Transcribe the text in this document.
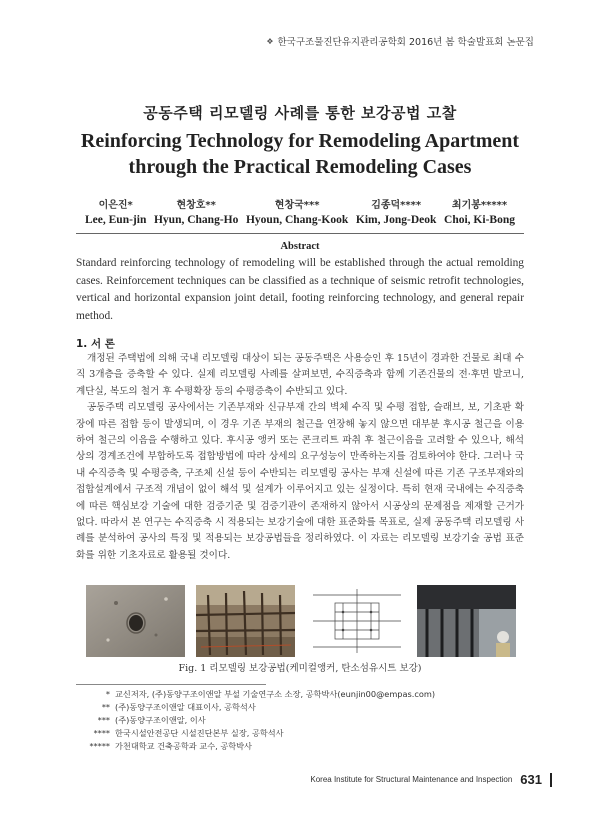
❖ 한국구조물진단유지관리공학회 2016년 봄 학술발표회 논문집
공동주택 리모델링 사례를 통한 보강공법 고찰
Reinforcing Technology for Remodeling Apartment
through the Practical Remodeling Cases
이은진*
Lee, Eun-jin
현창호**
Hyun, Chang-Ho
현창국***
Hyoun, Chang-Kook
김종덕****
Kim, Jong-Deok
최기봉*****
Choi, Ki-Bong
Abstract
Standard reinforcing technology of remodeling will be established through the actual remolding cases. Reinforcement techniques can be classified as a technique of seismic retrofit technologies, vertical and horizontal expansion joint detail, footing reinforcing technology, and general repair method.
1. 서 론

개정된 주택법에 의해 국내 리모델링 대상이 되는 공동주택은 사용승인 후 15년이 경과한 건물로 최대 수직 3개층을 증축할 수 있다. 실제 리모델링 사례를 살펴보면, 수직증축과 함께 기존건물의 전·후면 발코니, 계단실, 복도의 철거 후 수평확장 등의 수평증축이 수반되고 있다.

공동주택 리모델링 공사에서는 기존부재와 신규부재 간의 벽체 수직 및 수평 접합, 슬래브, 보, 기초판 확장에 따른 접합 등이 발생되며, 이 경우 기존 부재의 철근을 연장해 놓지 않으면 대부분 후시공 철근을 이용하여 철근의 이음을 수행하고 있다. 후시공 앵커 또는 콘크리트 파취 후 철근이음을 고려할 수 있으나, 해석상의 경계조건에 부합하도록 접합방법에 따라 상세의 요구성능이 만족하는지를 검토하여야 한다. 그러나 국내 수직증축 및 수평증축, 구조체 신설 등이 수반되는 리모델링 공사는 부재 신설에 따른 기존 구조부재와의 접합설계에서 구조적 개념이 없이 해석 및 설계가 이루어지고 있는 실정이다. 특히 현재 국내에는 수직증축에 따른 핵심보강 기술에 대한 검증기준 및 검증기관이 존재하지 않아서 시공상의 문제점을 제재할 근거가 없다. 따라서 본 연구는 수직증축 시 적용되는 보강기술에 대한 표준화를 목표로, 실제 공동주택 리모델링 사례를 분석하여 공사의 특징 및 적용되는 보강공법들을 정리하였다. 이 자료는 리모델링 보강기술 공법 표준화를 위한 기초자료로 활용될 것이다.

Fig. 1 리모델링 보강공법(케미컬앵커, 탄소섬유시트 보강)
* 교신저자, (주)동양구조이앤알 부설 기술연구소 소장, 공학박사(eunjin00@empas.com)
** (주)동양구조이앤알 대표이사, 공학석사
*** (주)동양구조이앤알, 이사
**** 한국시설안전공단 시설진단본부 실장, 공학석사
***** 가천대학교 건축공학과 교수, 공학박사
Korea Institute for Structural Maintenance and Inspection 631
